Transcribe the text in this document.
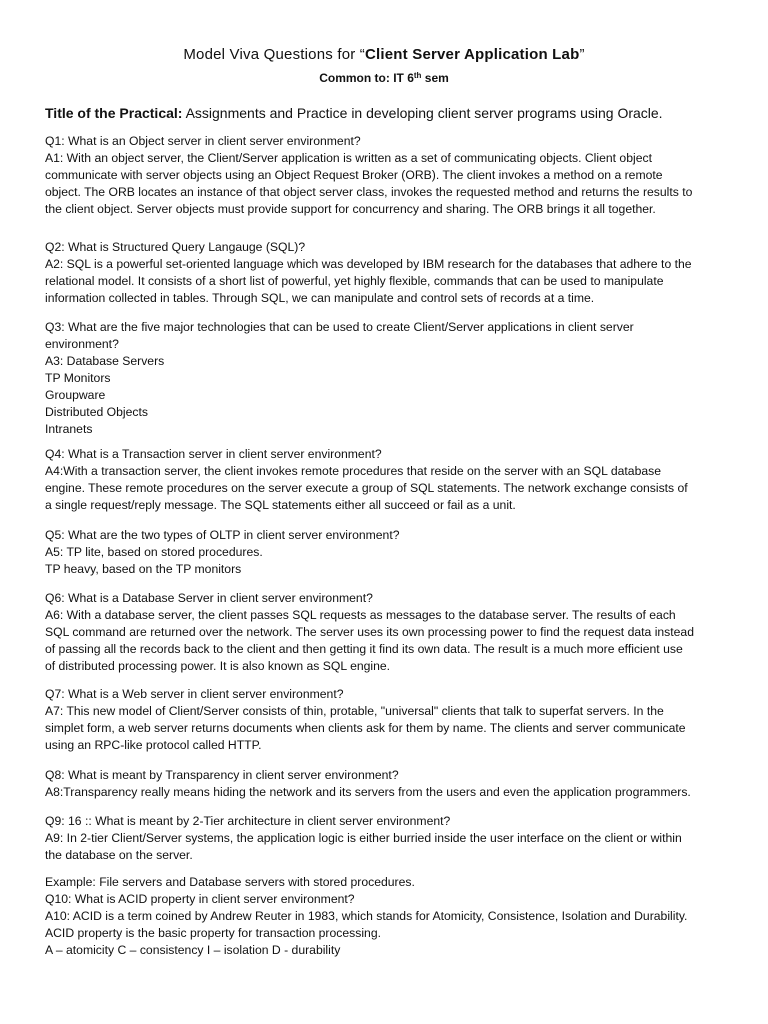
Model Viva Questions for “Client Server Application Lab”
Common to: IT 6th sem
Title of the Practical: Assignments and Practice in developing client server programs using Oracle.
Q1: What is an Object server in client server environment?
A1: With an object server, the Client/Server application is written as a set of communicating objects. Client object
communicate with server objects using an Object Request Broker (ORB). The client invokes a method on a remote
object. The ORB locates an instance of that object server class, invokes the requested method and returns the results to
the client object. Server objects must provide support for concurrency and sharing. The ORB brings it all together.
Q2: What is Structured Query Langauge (SQL)?
A2: SQL is a powerful set-oriented language which was developed by IBM research for the databases that adhere to the
relational model. It consists of a short list of powerful, yet highly flexible, commands that can be used to manipulate
information collected in tables. Through SQL, we can manipulate and control sets of records at a time.
Q3: What are the five major technologies that can be used to create Client/Server applications in client server
environment?
A3: Database Servers
TP Monitors
Groupware
Distributed Objects
Intranets
Q4: What is a Transaction server in client server environment?
A4:With a transaction server, the client invokes remote procedures that reside on the server with an SQL database
engine. These remote procedures on the server execute a group of SQL statements. The network exchange consists of
a single request/reply message. The SQL statements either all succeed or fail as a unit.
Q5: What are the two types of OLTP in client server environment?
A5: TP lite, based on stored procedures.
TP heavy, based on the TP monitors
Q6: What is a Database Server in client server environment?
A6: With a database server, the client passes SQL requests as messages to the database server. The results of each
SQL command are returned over the network. The server uses its own processing power to find the request data instead
of passing all the records back to the client and then getting it find its own data. The result is a much more efficient use
of distributed processing power. It is also known as SQL engine.
Q7: What is a Web server in client server environment?
A7: This new model of Client/Server consists of thin, protable, "universal" clients that talk to superfat servers. In the
simplet form, a web server returns documents when clients ask for them by name. The clients and server communicate
using an RPC-like protocol called HTTP.
Q8: What is meant by Transparency in client server environment?
A8:Transparency really means hiding the network and its servers from the users and even the application programmers.
Q9: 16 :: What is meant by 2-Tier architecture in client server environment?
A9: In 2-tier Client/Server systems, the application logic is either burried inside the user interface on the client or within
the database on the server.
Example: File servers and Database servers with stored procedures.
Q10: What is ACID property in client server environment?
A10: ACID is a term coined by Andrew Reuter in 1983, which stands for Atomicity, Consistence, Isolation and Durability.
ACID property is the basic property for transaction processing.
A – atomicity C – consistency I – isolation D - durability
